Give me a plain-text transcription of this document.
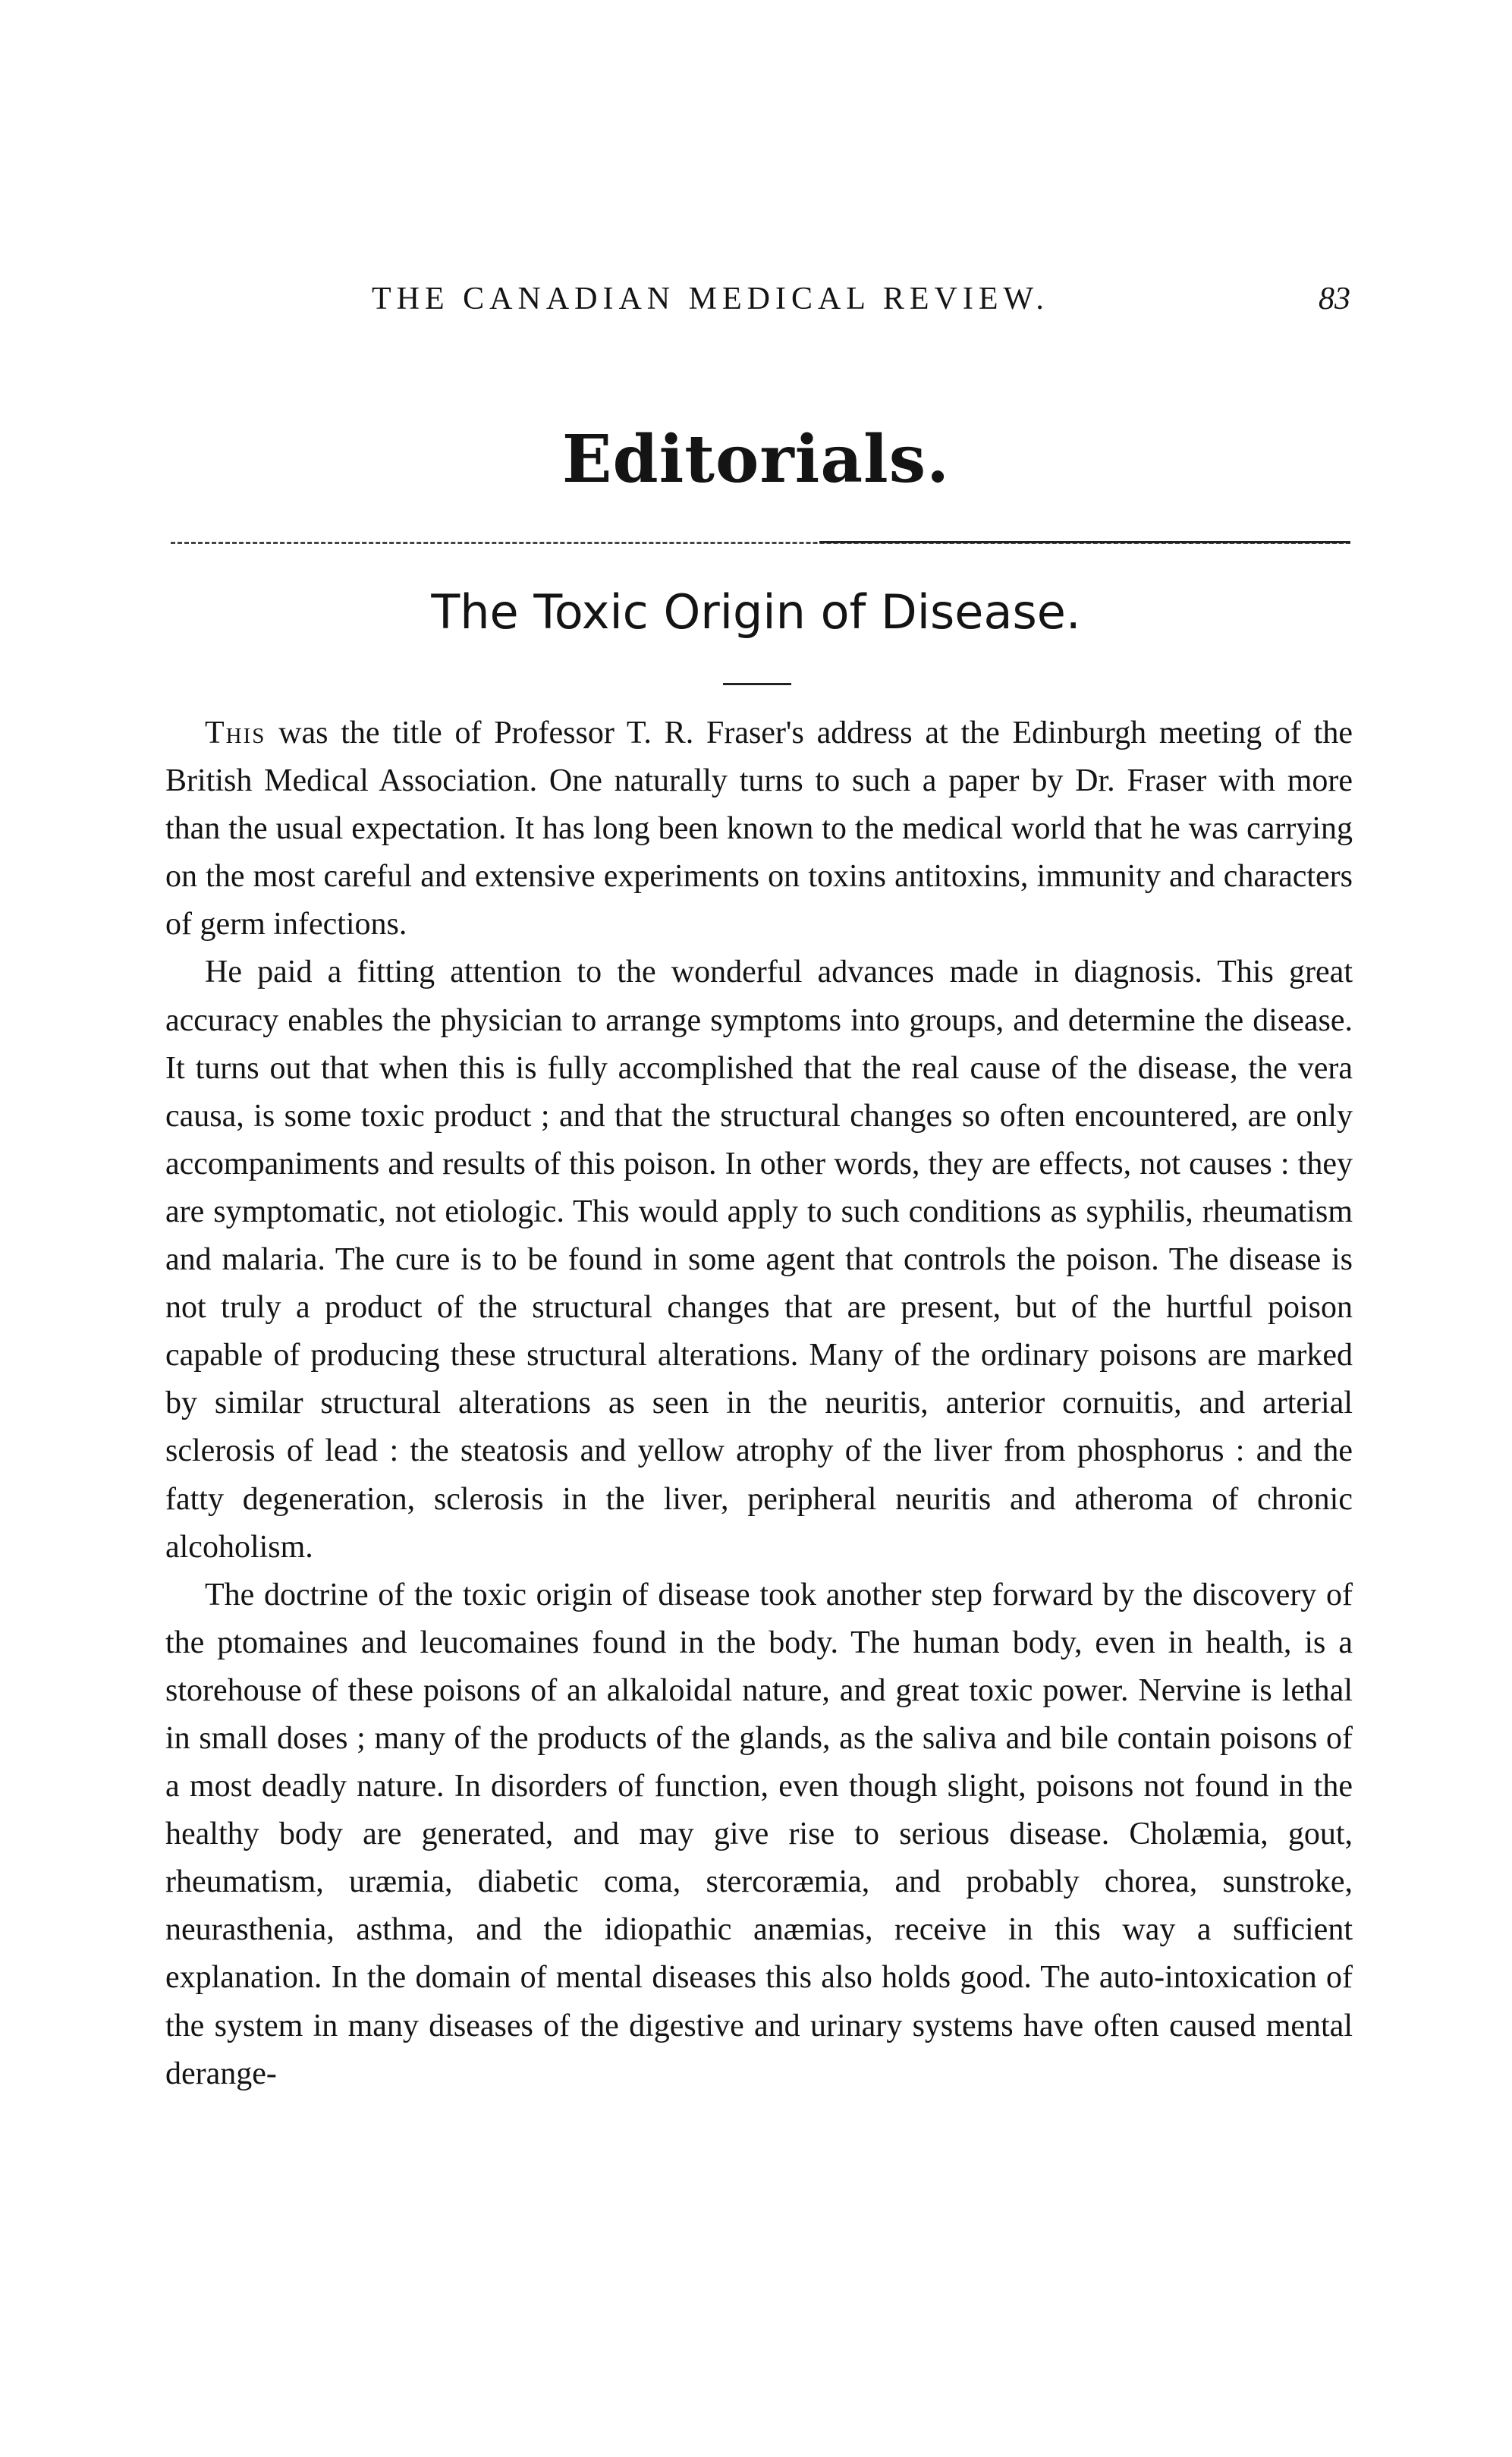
THE CANADIAN MEDICAL REVIEW.	83
Editorials.
The Toxic Origin of Disease.

This was the title of Professor T. R. Fraser's address at the Edinburgh meeting of the British Medical Association. One naturally turns to such a paper by Dr. Fraser with more than the usual expectation. It has long been known to the medical world that he was carrying on the most careful and extensive experiments on toxins antitoxins, immunity and characters of germ infections.

He paid a fitting attention to the wonderful advances made in diagnosis. This great accuracy enables the physician to arrange symptoms into groups, and determine the disease. It turns out that when this is fully accomplished that the real cause of the disease, the vera causa, is some toxic product ; and that the structural changes so often encountered, are only accompaniments and results of this poison. In other words, they are effects, not causes : they are symptomatic, not etiologic. This would apply to such conditions as syphilis, rheumatism and malaria. The cure is to be found in some agent that controls the poison. The disease is not truly a product of the structural changes that are present, but of the hurtful poison capable of producing these structural alterations. Many of the ordinary poisons are marked by similar structural alterations as seen in the neuritis, anterior cornuitis, and arterial sclerosis of lead : the steatosis and yellow atrophy of the liver from phosphorus : and the fatty degeneration, sclerosis in the liver, peripheral neuritis and atheroma of chronic alcoholism.

The doctrine of the toxic origin of disease took another step forward by the discovery of the ptomaines and leucomaines found in the body. The human body, even in health, is a storehouse of these poisons of an alkaloidal nature, and great toxic power. Nervine is lethal in small doses ; many of the products of the glands, as the saliva and bile contain poisons of a most deadly nature. In disorders of function, even though slight, poisons not found in the healthy body are generated, and may give rise to serious disease. Cholæmia, gout, rheumatism, uræmia, diabetic coma, stercoræmia, and probably chorea, sunstroke, neurasthenia, asthma, and the idiopathic anæmias, receive in this way a sufficient explanation. In the domain of mental diseases this also holds good. The auto-intoxication of the system in many diseases of the digestive and urinary systems have often caused mental derange-
